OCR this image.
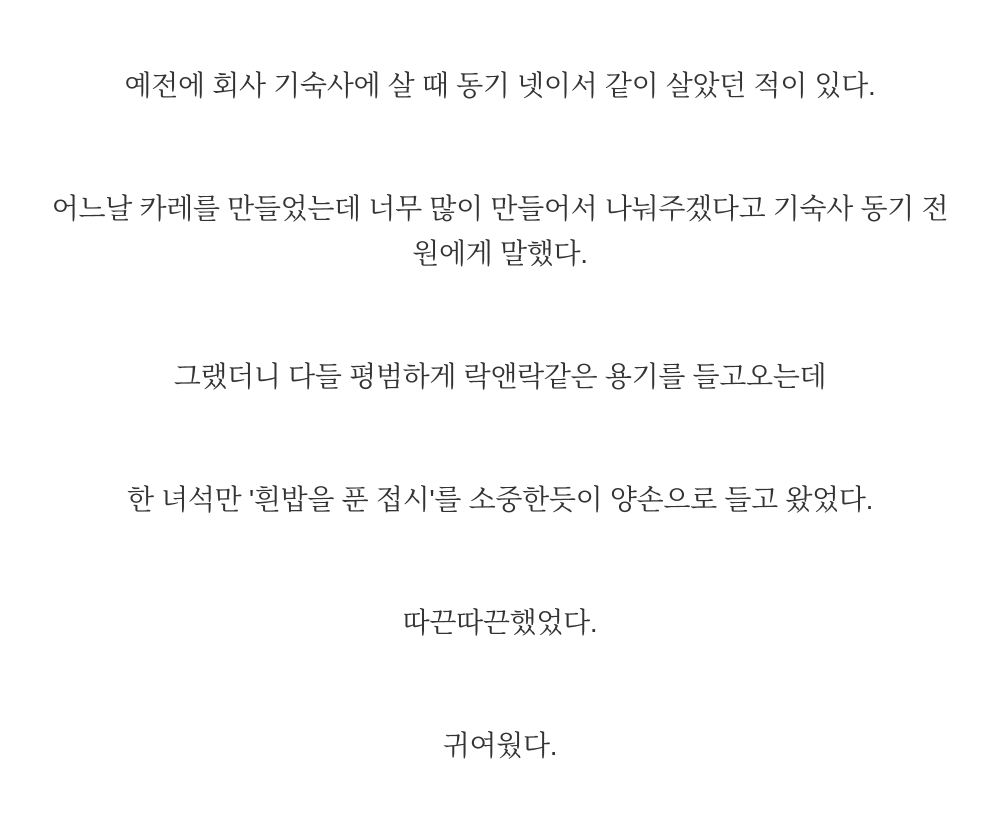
예전에 회사 기숙사에 살 때 동기 넷이서 같이 살았던 적이 있다.

어느날 카레를 만들었는데 너무 많이 만들어서 나눠주겠다고 기숙사 동기 전
원에게 말했다.

그랬더니 다들 평범하게 락앤락같은 용기를 들고오는데

한 녀석만 '흰밥을 푼 접시'를 소중한듯이 양손으로 들고 왔었다.

따끈따끈했었다.

귀여웠다.
